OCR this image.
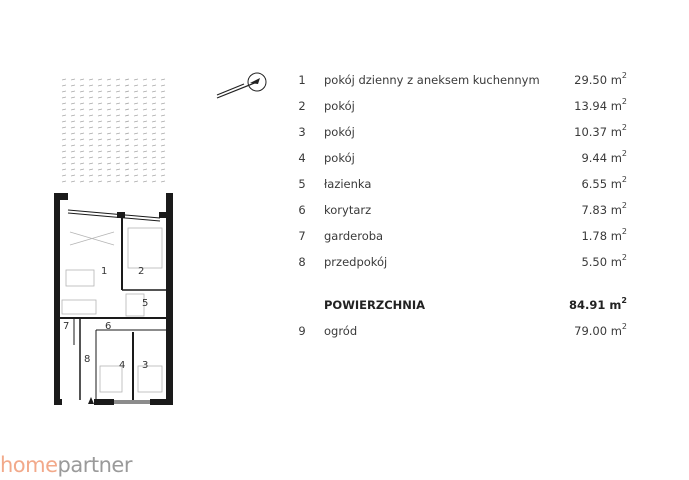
1	2
3
4
5
6
7
8
1	pokój dzienny z aneksem kuchennym	29.50 $m^2$
2	pokój	13.94 $m^2$
3	pokój	10.37 $m^2$
4	pokój	9.44 $m^2$
5	łazienka	6.55 $m^2$
6	korytarz	7.83 $m^2$
7	garderoba	1.78 $m^2$
8	przedpokój	5.50 $m^2$
POWIERZCHNIA	84.91 $m^2$
9	ogród	79.00 $m^2$
homepartner
